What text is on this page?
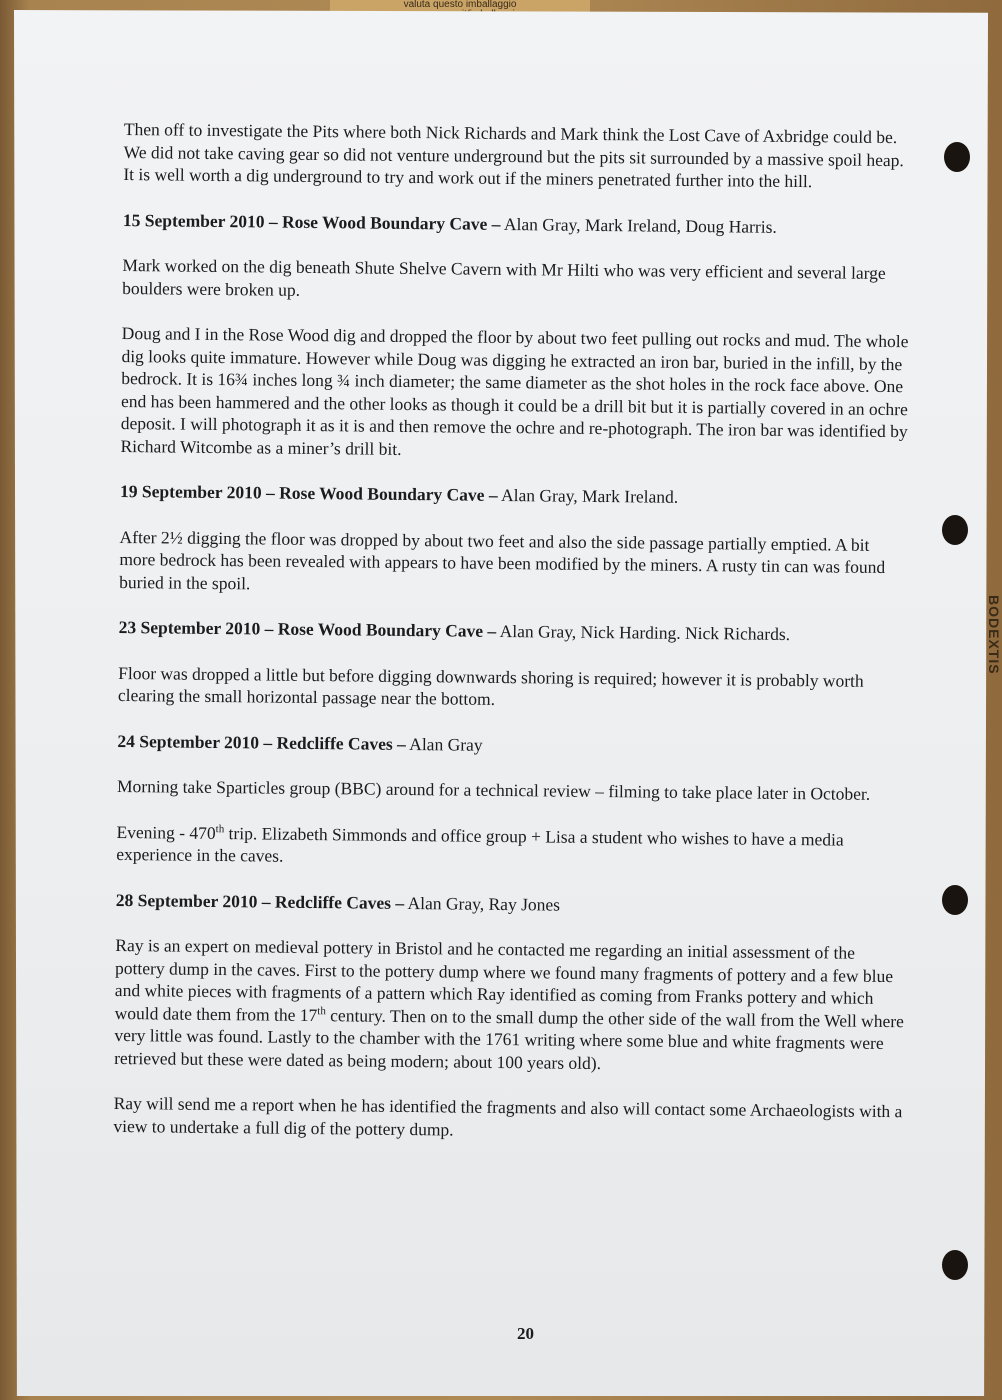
valuta questo imballaggio
BODEXTIS

Then off to investigate the Pits where both Nick Richards and Mark think the Lost Cave of Axbridge could be. We did not take caving gear so did not venture underground but the pits sit surrounded by a massive spoil heap. It is well worth a dig underground to try and work out if the miners penetrated further into the hill.

15 September 2010 – Rose Wood Boundary Cave – Alan Gray, Mark Ireland, Doug Harris.

Mark worked on the dig beneath Shute Shelve Cavern with Mr Hilti who was very efficient and several large boulders were broken up.

Doug and I in the Rose Wood dig and dropped the floor by about two feet pulling out rocks and mud. The whole dig looks quite immature. However while Doug was digging he extracted an iron bar, buried in the infill, by the bedrock. It is 16¾ inches long ¾ inch diameter; the same diameter as the shot holes in the rock face above. One end has been hammered and the other looks as though it could be a drill bit but it is partially covered in an ochre deposit. I will photograph it as it is and then remove the ochre and re-photograph. The iron bar was identified by Richard Witcombe as a miner’s drill bit.

19 September 2010 – Rose Wood Boundary Cave – Alan Gray, Mark Ireland.

After 2½ digging the floor was dropped by about two feet and also the side passage partially emptied. A bit more bedrock has been revealed with appears to have been modified by the miners. A rusty tin can was found buried in the spoil.

23 September 2010 – Rose Wood Boundary Cave – Alan Gray, Nick Harding. Nick Richards.

Floor was dropped a little but before digging downwards shoring is required; however it is probably worth clearing the small horizontal passage near the bottom.

24 September 2010 – Redcliffe Caves – Alan Gray

Morning take Sparticles group (BBC) around for a technical review – filming to take place later in October.

Evening - 470th trip. Elizabeth Simmonds and office group + Lisa a student who wishes to have a media experience in the caves.

28 September 2010 – Redcliffe Caves – Alan Gray, Ray Jones

Ray is an expert on medieval pottery in Bristol and he contacted me regarding an initial assessment of the pottery dump in the caves. First to the pottery dump where we found many fragments of pottery and a few blue and white pieces with fragments of a pattern which Ray identified as coming from Franks pottery and which would date them from the 17th century. Then on to the small dump the other side of the wall from the Well where very little was found. Lastly to the chamber with the 1761 writing where some blue and white fragments were retrieved but these were dated as being modern; about 100 years old).

Ray will send me a report when he has identified the fragments and also will contact some Archaeologists with a view to undertake a full dig of the pottery dump.

20
